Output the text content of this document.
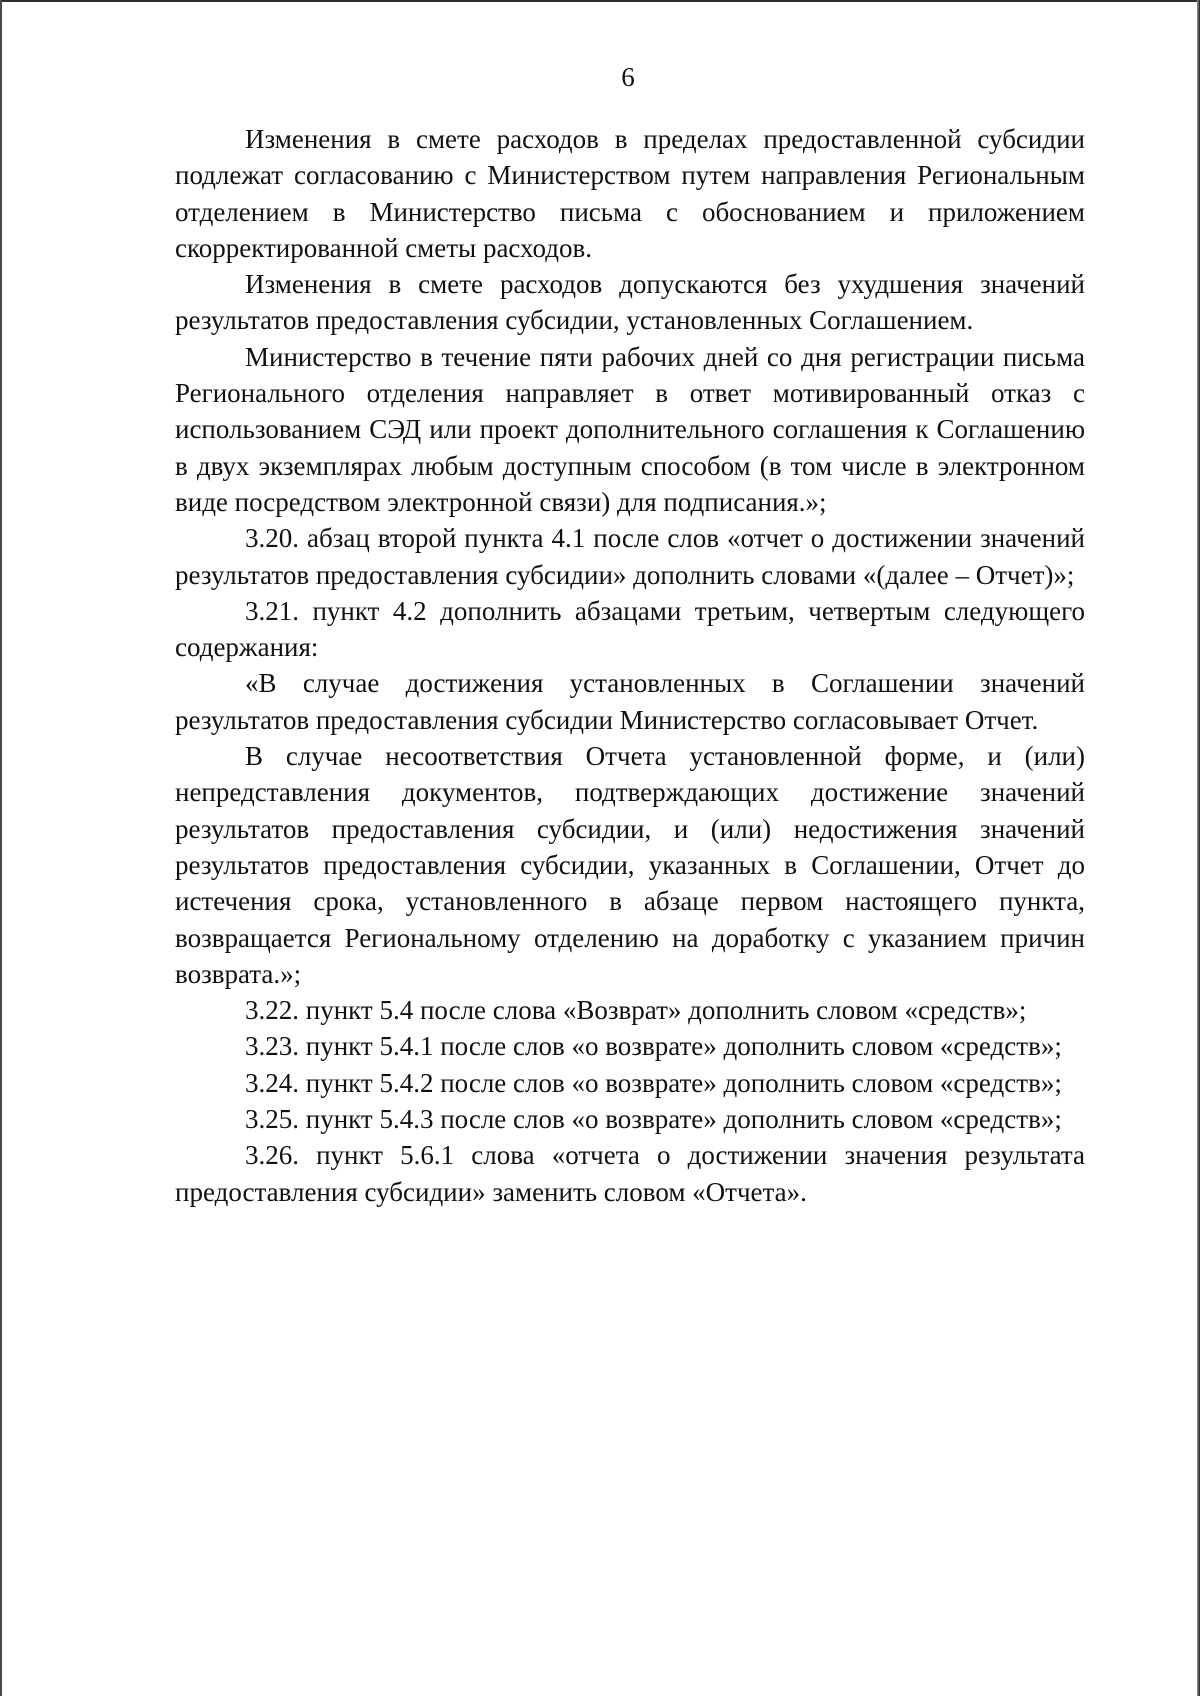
6

Изменения в смете расходов в пределах предоставленной субсидии подлежат согласованию с Министерством путем направления Региональным отделением в Министерство письма с обоснованием и приложением скорректированной сметы расходов.

Изменения в смете расходов допускаются без ухудшения значений результатов предоставления субсидии, установленных Соглашением.

Министерство в течение пяти рабочих дней со дня регистрации письма Регионального отделения направляет в ответ мотивированный отказ с использованием СЭД или проект дополнительного соглашения к Соглашению в двух экземплярах любым доступным способом (в том числе в электронном виде посредством электронной связи) для подписания.»;

3.20. абзац второй пункта 4.1 после слов «отчет о достижении значений результатов предоставления субсидии» дополнить словами «(далее – Отчет)»;

3.21. пункт 4.2 дополнить абзацами третьим, четвертым следующего содержания:

«В случае достижения установленных в Соглашении значений результатов предоставления субсидии Министерство согласовывает Отчет.

В случае несоответствия Отчета установленной форме, и (или) непредставления документов, подтверждающих достижение значений результатов предоставления субсидии, и (или) недостижения значений результатов предоставления субсидии, указанных в Соглашении, Отчет до истечения срока, установленного в абзаце первом настоящего пункта, возвращается Региональному отделению на доработку с указанием причин возврата.»;

3.22. пункт 5.4 после слова «Возврат» дополнить словом «средств»;

3.23. пункт 5.4.1 после слов «о возврате» дополнить словом «средств»;

3.24. пункт 5.4.2 после слов «о возврате» дополнить словом «средств»;

3.25. пункт 5.4.3 после слов «о возврате» дополнить словом «средств»;

3.26. пункт 5.6.1 слова «отчета о достижении значения результата предоставления субсидии» заменить словом «Отчета».
